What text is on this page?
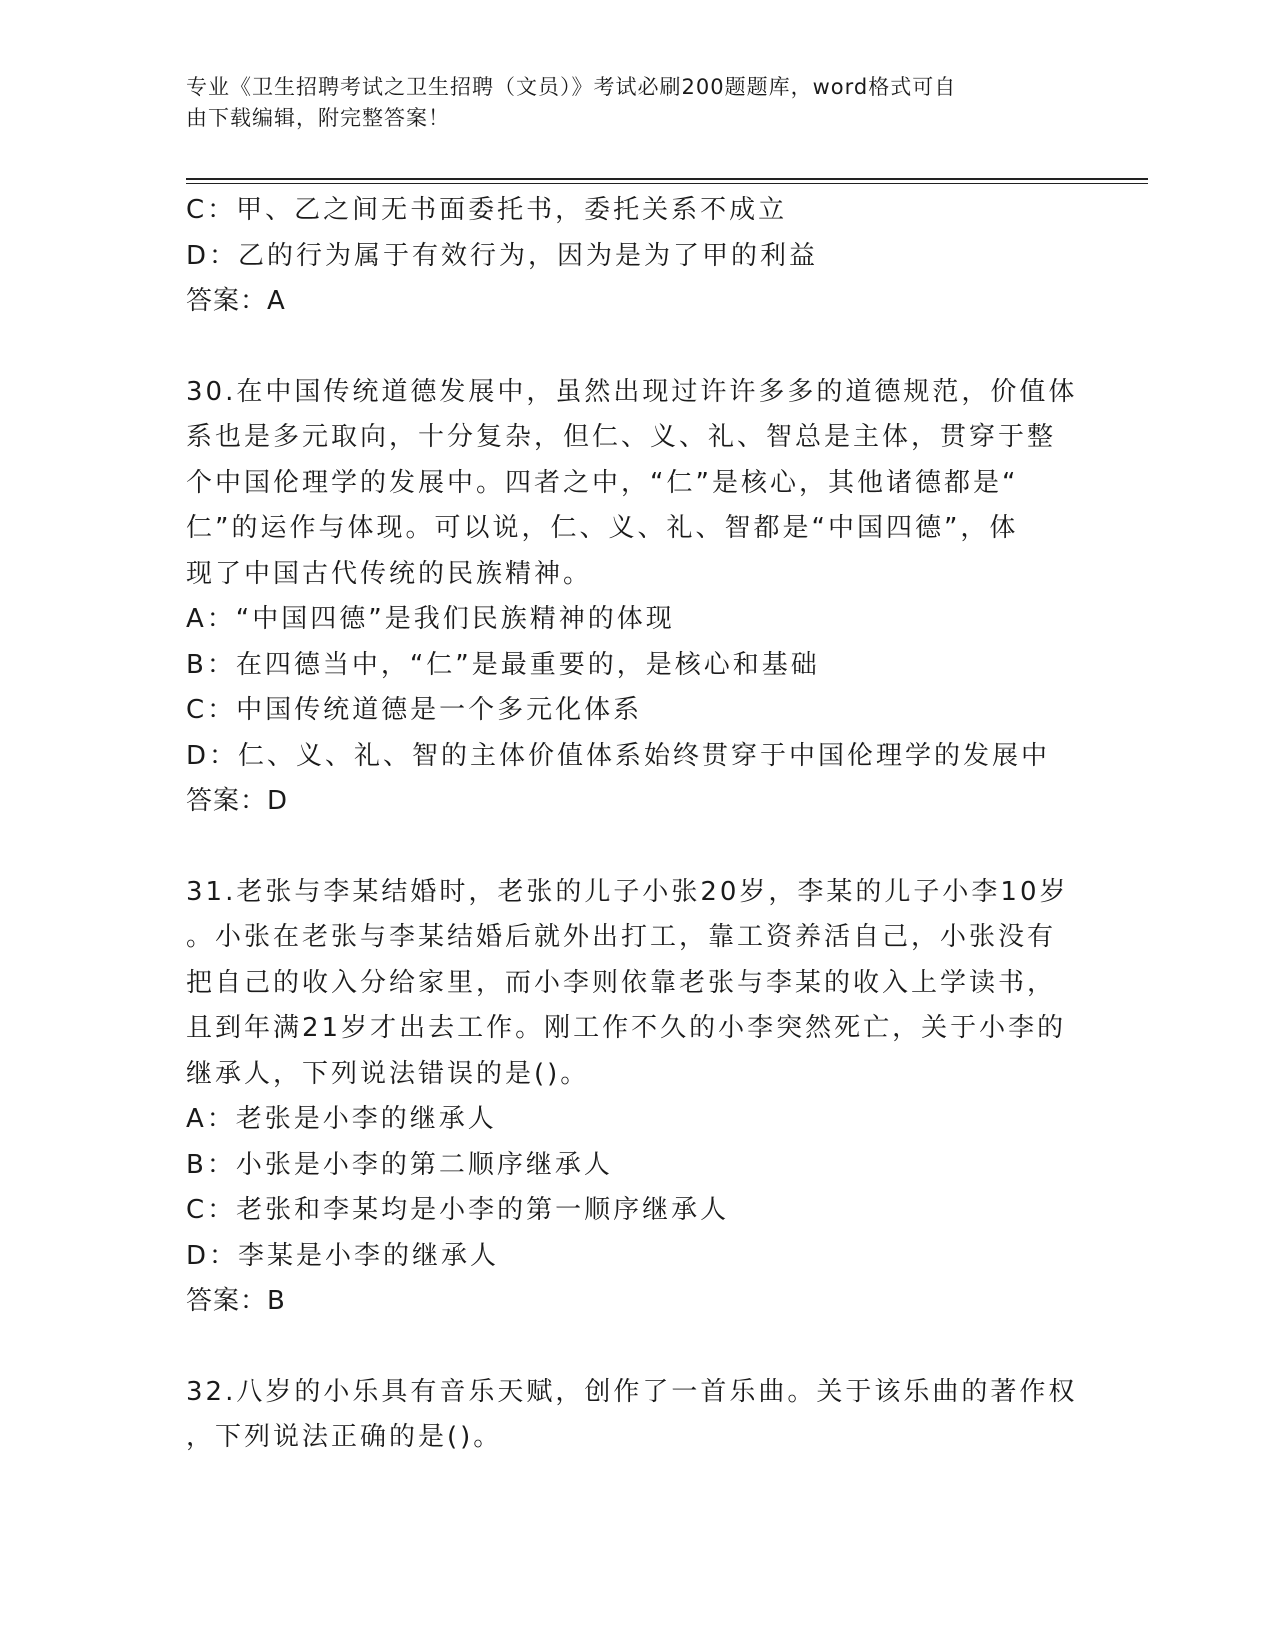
专业《卫生招聘考试之卫生招聘（文员）》考试必刷200题题库，word格式可自
由下载编辑，附完整答案！
C：甲、乙之间无书面委托书，委托关系不成立
D：乙的行为属于有效行为，因为是为了甲的利益
答案：A
30.在中国传统道德发展中，虽然出现过许许多多的道德规范，价值体
系也是多元取向，十分复杂，但仁、义、礼、智总是主体，贯穿于整
个中国伦理学的发展中。四者之中，“仁”是核心，其他诸德都是“
仁”的运作与体现。可以说，仁、义、礼、智都是“中国四德”，体
现了中国古代传统的民族精神。
A：“中国四德”是我们民族精神的体现
B：在四德当中，“仁”是最重要的，是核心和基础
C：中国传统道德是一个多元化体系
D：仁、义、礼、智的主体价值体系始终贯穿于中国伦理学的发展中
答案：D
31.老张与李某结婚时，老张的儿子小张20岁，李某的儿子小李10岁
。小张在老张与李某结婚后就外出打工，靠工资养活自己，小张没有
把自己的收入分给家里，而小李则依靠老张与李某的收入上学读书，
且到年满21岁才出去工作。刚工作不久的小李突然死亡，关于小李的
继承人，下列说法错误的是()。
A：老张是小李的继承人
B：小张是小李的第二顺序继承人
C：老张和李某均是小李的第一顺序继承人
D：李某是小李的继承人
答案：B
32.八岁的小乐具有音乐天赋，创作了一首乐曲。关于该乐曲的著作权
，下列说法正确的是()。
